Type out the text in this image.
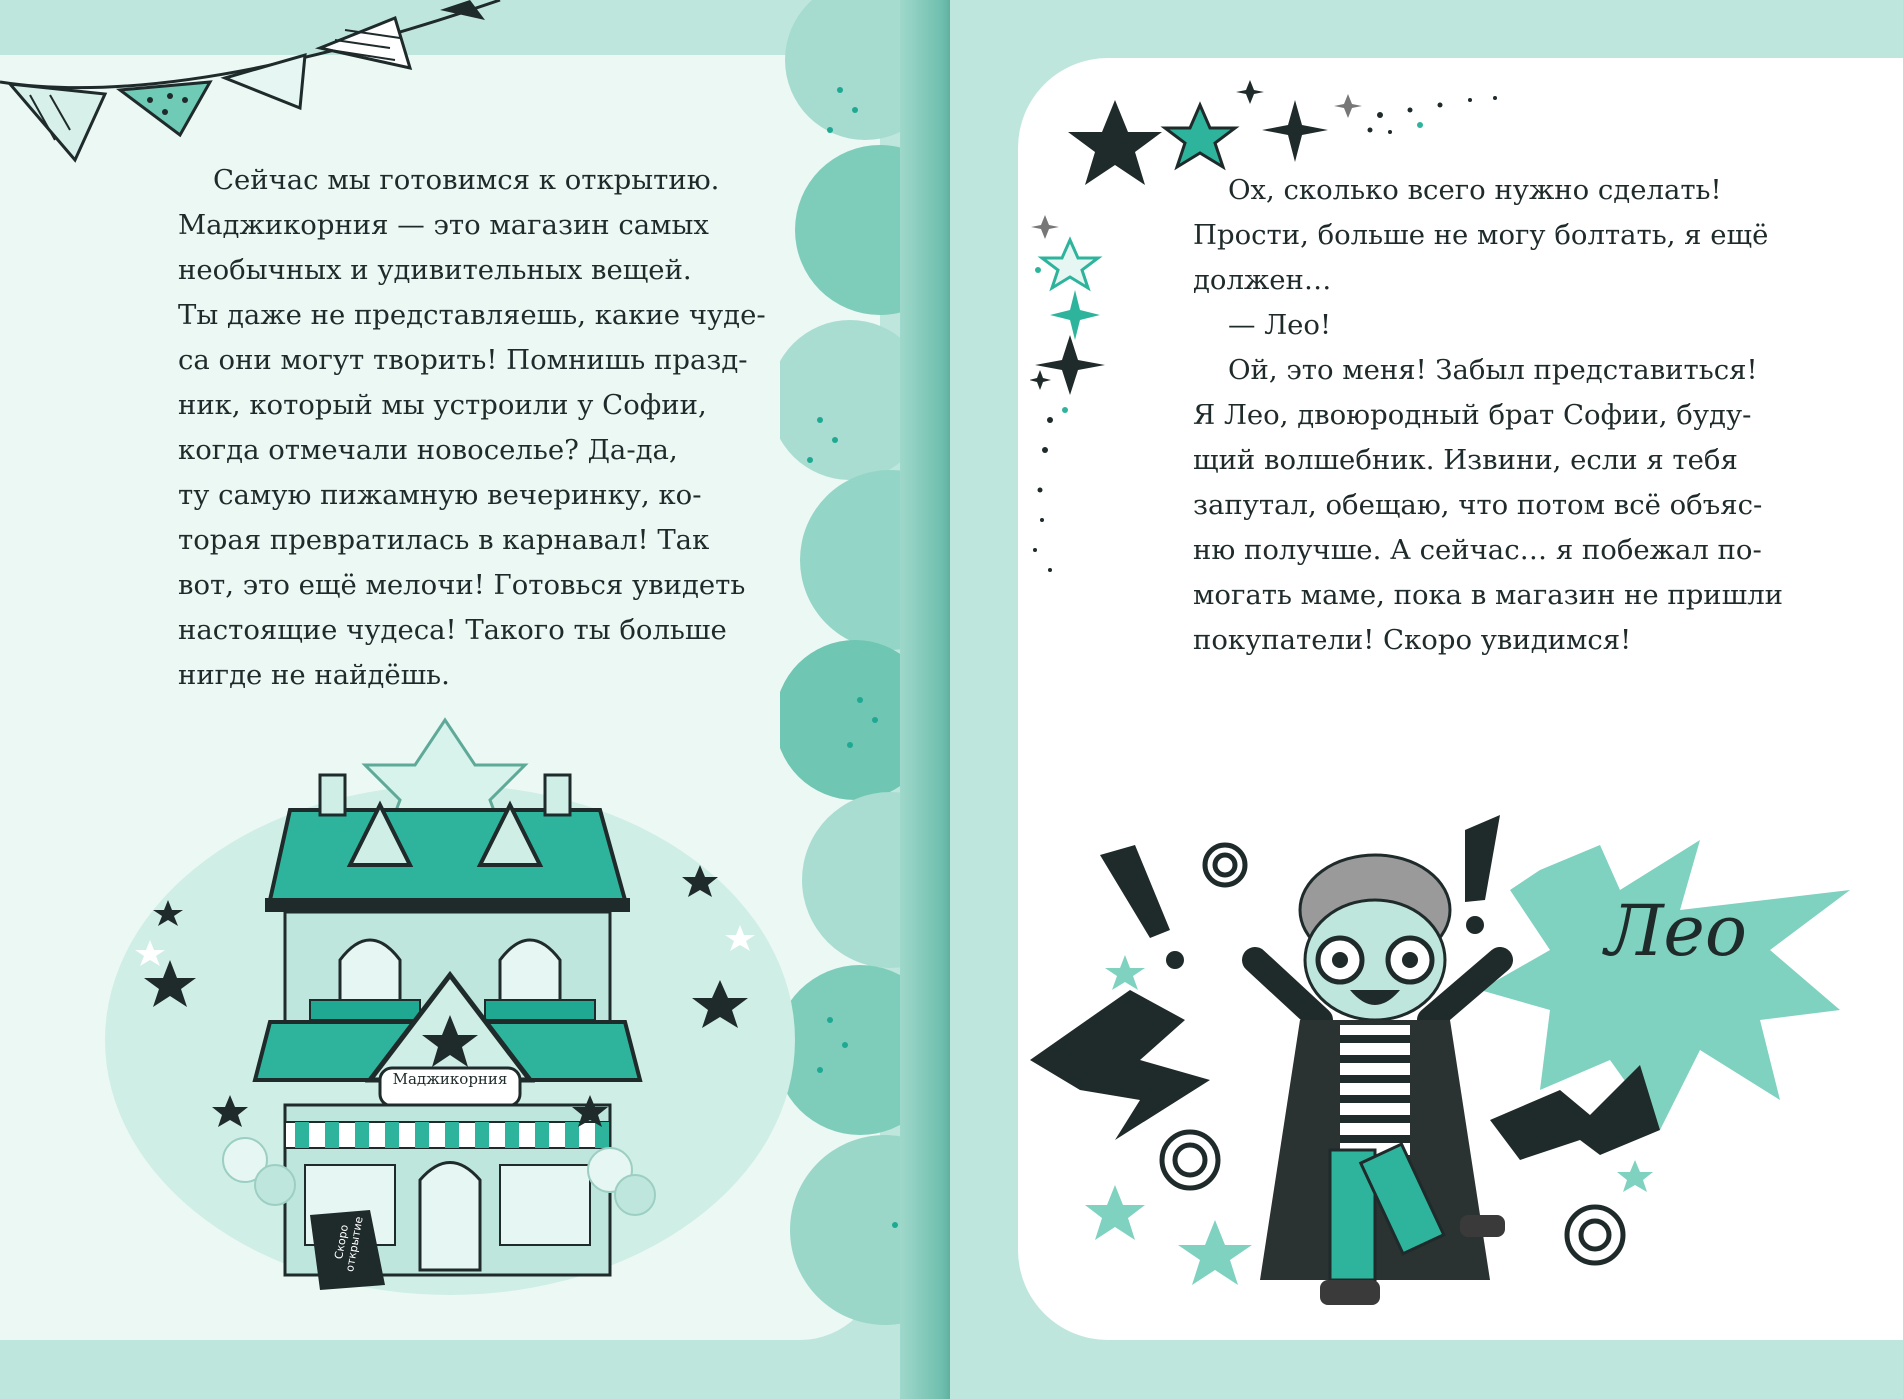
Сейчас мы готовимся к открытию.
Маджикорния — это магазин самых
необычных и удивительных вещей.
Ты даже не представляешь, какие чуде-
са они могут творить! Помнишь празд-
ник, который мы устроили у Софии,
когда отмечали новоселье? Да-да,
ту самую пижамную вечеринку, ко-
торая превратилась в карнавал! Так
вот, это ещё мелочи! Готовься увидеть
настоящие чудеса! Такого ты больше
нигде не найдёшь.
Маджикорния
Скоро открытие
Ох, сколько всего нужно сделать!
Прости, больше не могу болтать, я ещё
должен…
— Лео!
Ой, это меня! Забыл представиться!
Я Лео, двоюродный брат Софии, буду-
щий волшебник. Извини, если я тебя
запутал, обещаю, что потом всё объяс-
ню получше. А сейчас… я побежал по-
могать маме, пока в магазин не пришли
покупатели! Скоро увидимся!
Лео
